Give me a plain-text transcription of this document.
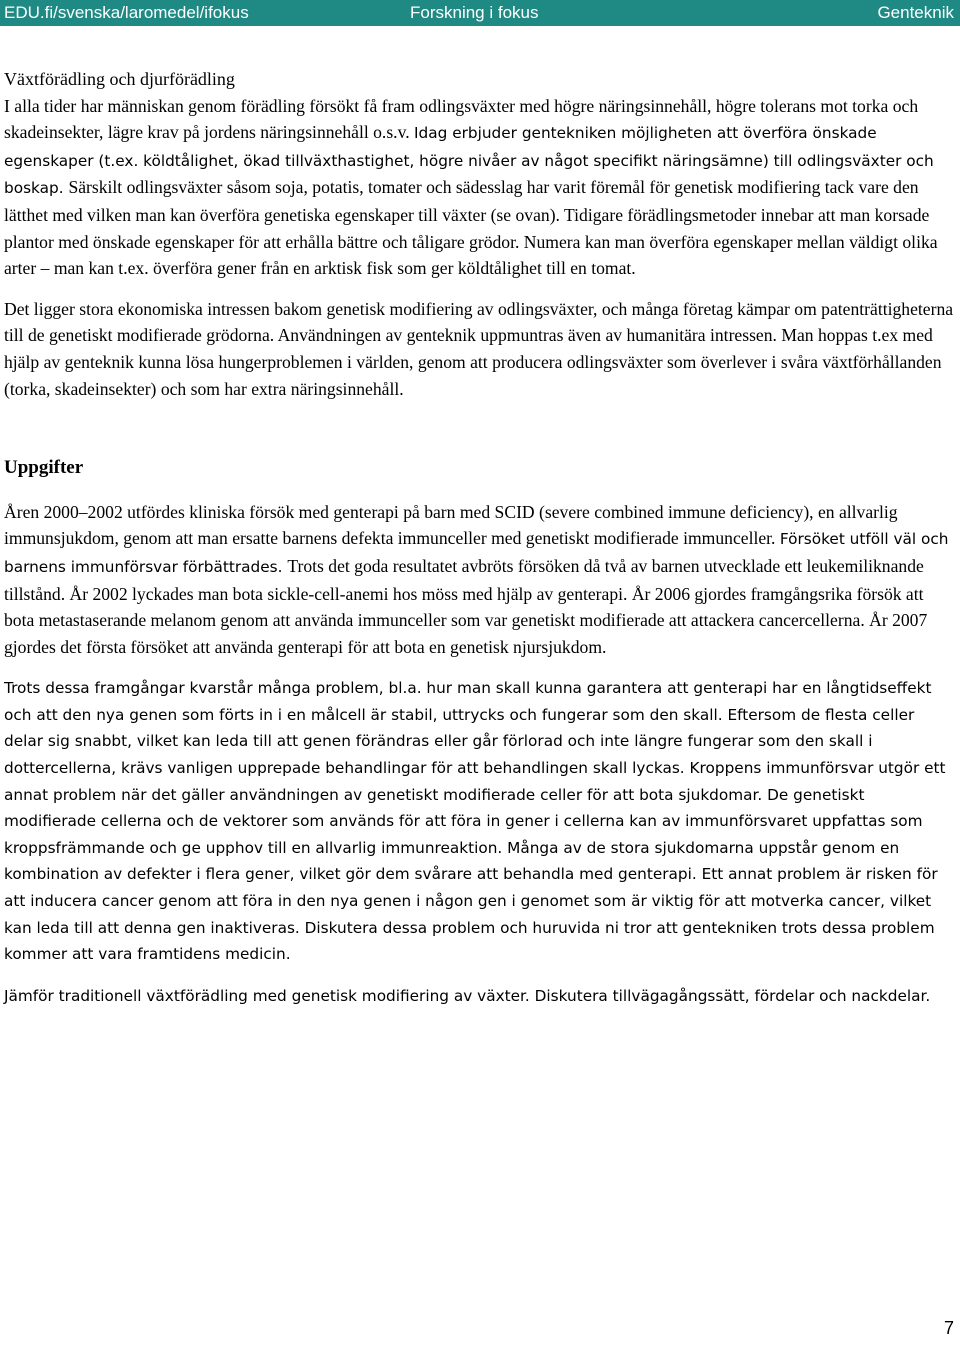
EDU.fi/svenska/laromedel/ifokus	Forskning i fokus	Genteknik

Växtförädling och djurförädling

I alla tider har människan genom förädling försökt få fram odlingsväxter med högre näringsinnehåll, högre tolerans mot torka och skadeinsekter, lägre krav på jordens näringsinnehåll o.s.v. Idag erbjuder gentekniken möjligheten att överföra önskade egenskaper (t.ex. köldtålighet, ökad tillväxthastighet, högre nivåer av något specifikt näringsämne) till odlingsväxter och boskap. Särskilt odlingsväxter såsom soja, potatis, tomater och sädesslag har varit föremål för genetisk modifiering tack vare den lätthet med vilken man kan överföra genetiska egenskaper till växter (se ovan). Tidigare förädlingsmetoder innebar att man korsade plantor med önskade egenskaper för att erhålla bättre och tåligare grödor. Numera kan man överföra egenskaper mellan väldigt olika arter – man kan t.ex. överföra gener från en arktisk fisk som ger köldtålighet till en tomat.

Det ligger stora ekonomiska intressen bakom genetisk modifiering av odlingsväxter, och många företag kämpar om patenträttigheterna till de genetiskt modifierade grödorna. Användningen av genteknik uppmuntras även av humanitära intressen. Man hoppas t.ex med hjälp av genteknik kunna lösa hungerproblemen i världen, genom att producera odlingsväxter som överlever i svåra växtförhållanden (torka, skadeinsekter) och som har extra näringsinnehåll.

Uppgifter

Åren 2000–2002 utfördes kliniska försök med genterapi på barn med SCID (severe combined immune deficiency), en allvarlig immunsjukdom, genom att man ersatte barnens defekta immunceller med genetiskt modifierade immunceller. Försöket utföll väl och barnens immunförsvar förbättrades. Trots det goda resultatet avbröts försöken då två av barnen utvecklade ett leukemiliknande tillstånd. År 2002 lyckades man bota sickle-cell-anemi hos möss med hjälp av genterapi. År 2006 gjordes framgångsrika försök att bota metastaserande melanom genom att använda immunceller som var genetiskt modifierade att attackera cancercellerna. År 2007 gjordes det första försöket att använda genterapi för att bota en genetisk njursjukdom.

Trots dessa framgångar kvarstår många problem, bl.a. hur man skall kunna garantera att genterapi har en långtidseffekt och att den nya genen som förts in i en målcell är stabil, uttrycks och fungerar som den skall. Eftersom de flesta celler delar sig snabbt, vilket kan leda till att genen förändras eller går förlorad och inte längre fungerar som den skall i dottercellerna, krävs vanligen upprepade behandlingar för att behandlingen skall lyckas. Kroppens immunförsvar utgör ett annat problem när det gäller användningen av genetiskt modifierade celler för att bota sjukdomar. De genetiskt modifierade cellerna och de vektorer som används för att föra in gener i cellerna kan av immunförsvaret uppfattas som kroppsfrämmande och ge upphov till en allvarlig immunreaktion. Många av de stora sjukdomarna uppstår genom en kombination av defekter i flera gener, vilket gör dem svårare att behandla med genterapi. Ett annat problem är risken för att inducera cancer genom att föra in den nya genen i någon gen i genomet som är viktig för att motverka cancer, vilket kan leda till att denna gen inaktiveras. Diskutera dessa problem och huruvida ni tror att gentekniken trots dessa problem kommer att vara framtidens medicin.

Jämför traditionell växtförädling med genetisk modifiering av växter. Diskutera tillvägagångssätt, fördelar och nackdelar.

7
